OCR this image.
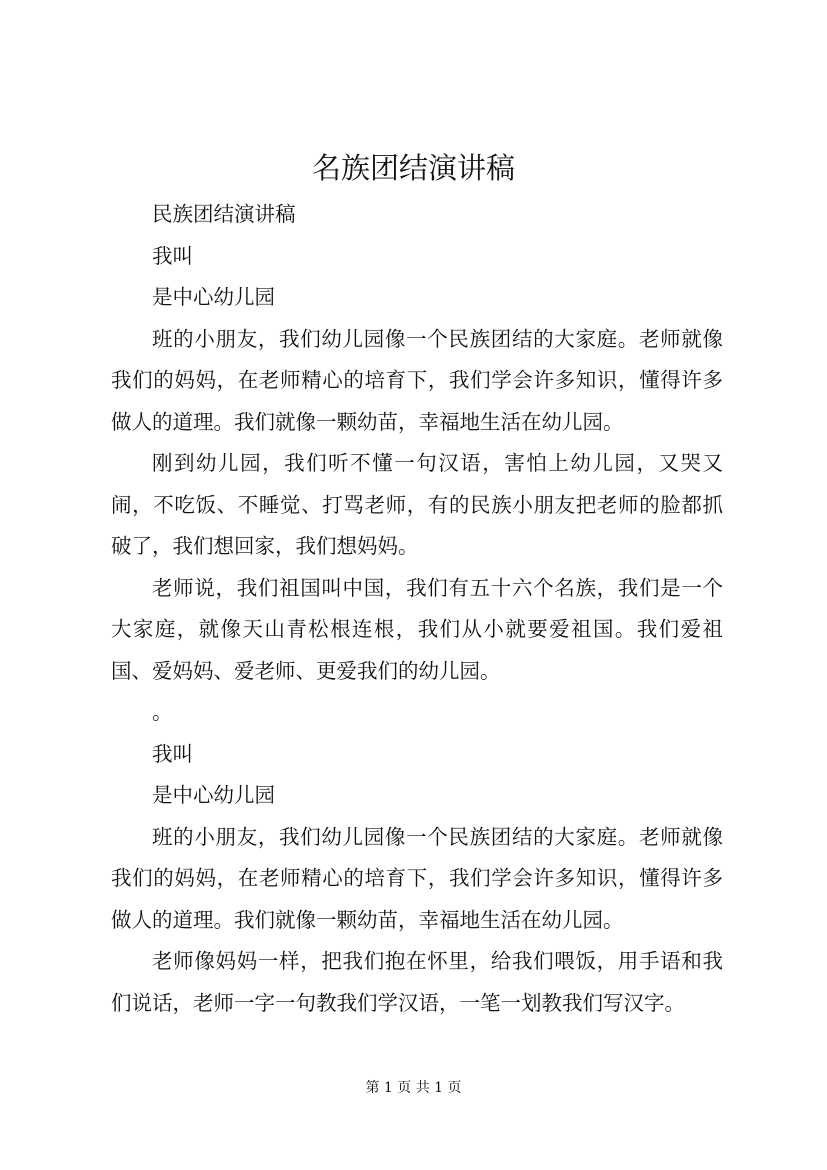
名族团结演讲稿

民族团结演讲稿

我叫

是中心幼儿园

班的小朋友，我们幼儿园像一个民族团结的大家庭。老师就像我们的妈妈，在老师精心的培育下，我们学会许多知识，懂得许多做人的道理。我们就像一颗幼苗，幸福地生活在幼儿园。

刚到幼儿园，我们听不懂一句汉语，害怕上幼儿园，又哭又闹，不吃饭、不睡觉、打骂老师，有的民族小朋友把老师的脸都抓破了，我们想回家，我们想妈妈。

老师说，我们祖国叫中国，我们有五十六个名族，我们是一个大家庭，就像天山青松根连根，我们从小就要爱祖国。我们爱祖国、爱妈妈、爱老师、更爱我们的幼儿园。

。

我叫

是中心幼儿园

班的小朋友，我们幼儿园像一个民族团结的大家庭。老师就像我们的妈妈，在老师精心的培育下，我们学会许多知识，懂得许多做人的道理。我们就像一颗幼苗，幸福地生活在幼儿园。

老师像妈妈一样，把我们抱在怀里，给我们喂饭，用手语和我们说话，老师一字一句教我们学汉语，一笔一划教我们写汉字。

第 1 页 共 1 页
